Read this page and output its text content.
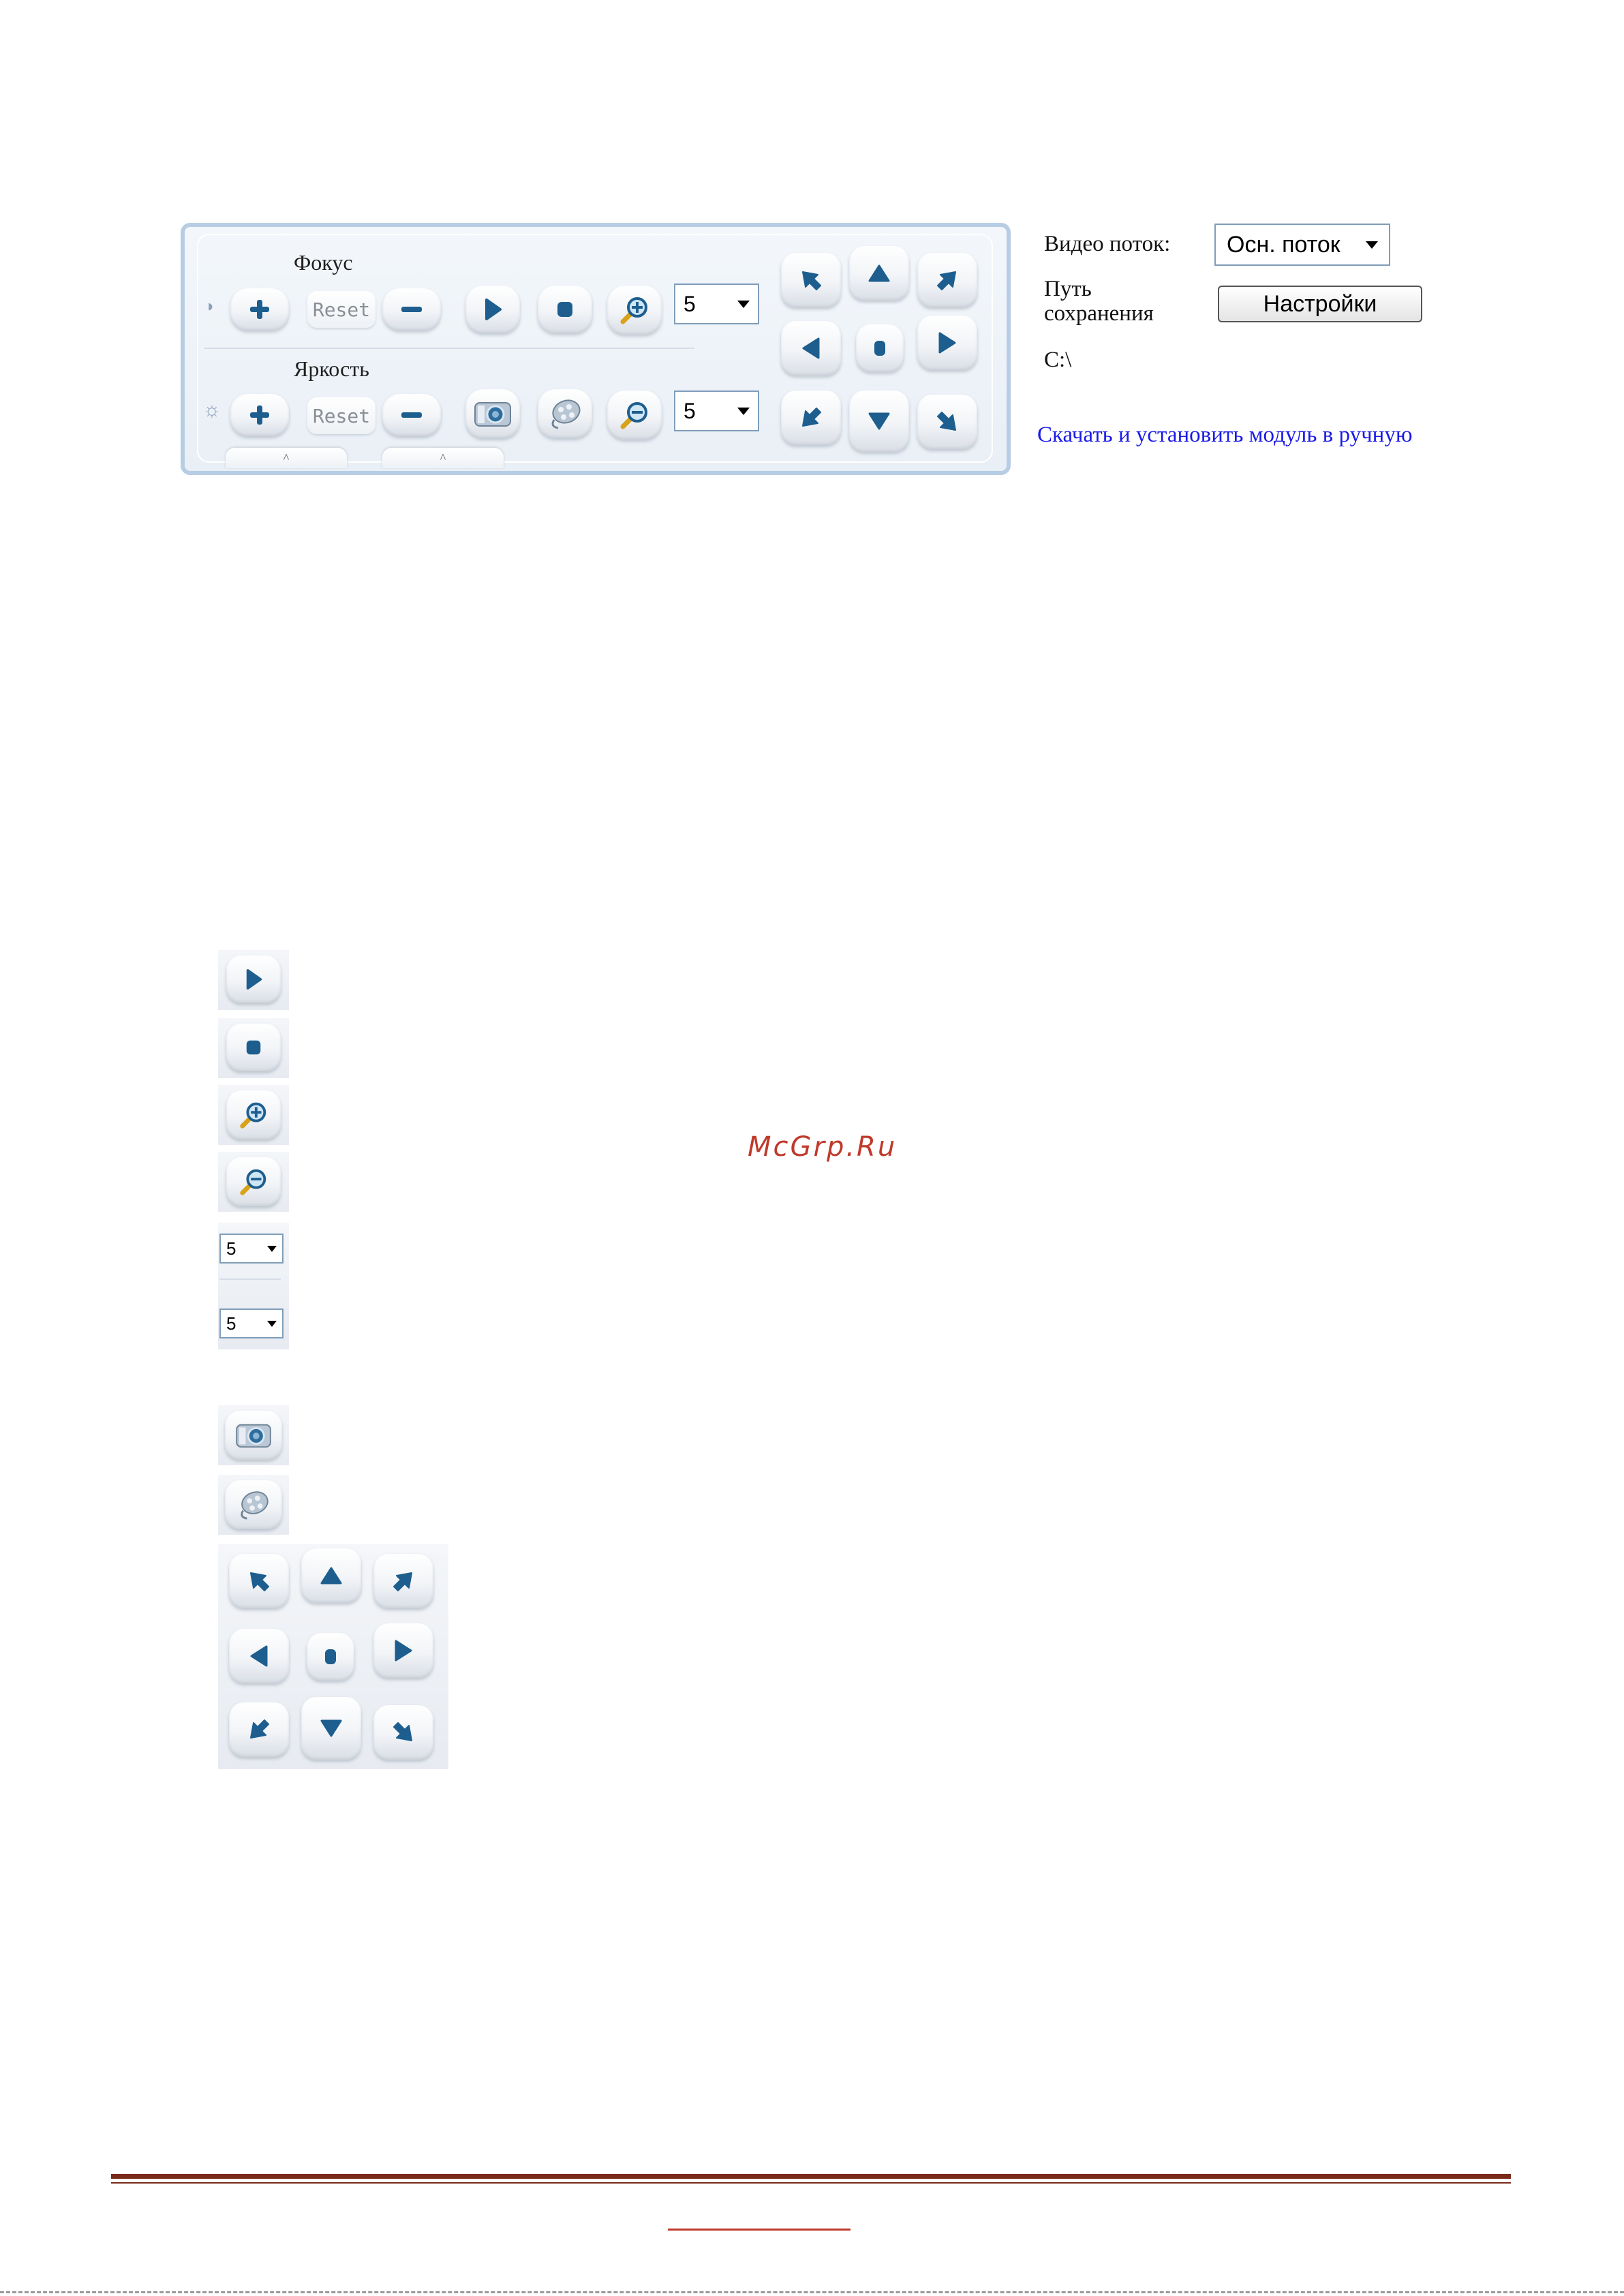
Фокус
◑	Reset	5
Яркость
☼	Reset	5
^	^
Видео поток: Осн. поток
Путь
сохранения	Настройки
C:\
Скачать и установить модуль в ручную
McGrp.Ru
5
5
